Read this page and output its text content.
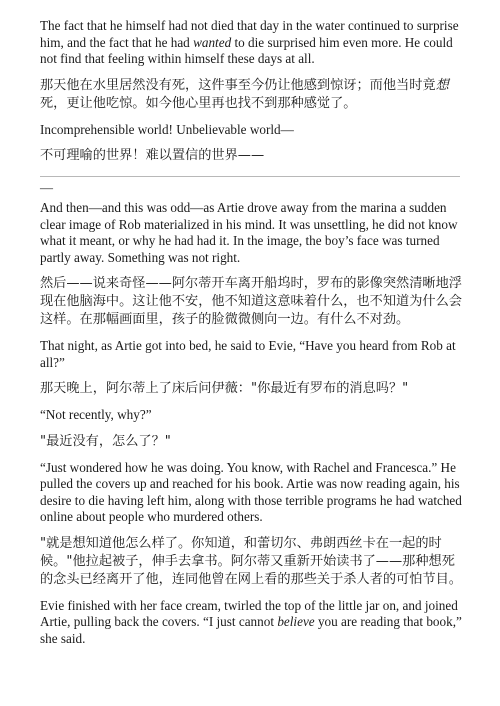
The fact that he himself had not died that day in the water continued to surprise him, and the fact that he had wanted to die surprised him even more. He could not find that feeling within himself these days at all.

那天他在水里居然没有死，这件事至今仍让他感到惊讶；而他当时竟想死，更让他吃惊。如今他心里再也找不到那种感觉了。

Incomprehensible world! Unbelievable world—

不可理喻的世界！难以置信的世界——

—

And then—and this was odd—as Artie drove away from the marina a sudden clear image of Rob materialized in his mind. It was unsettling, he did not know what it meant, or why he had had it. In the image, the boy’s face was turned partly away. Something was not right.

然后——说来奇怪——阿尔蒂开车离开船坞时，罗布的影像突然清晰地浮现在他脑海中。这让他不安，他不知道这意味着什么，也不知道为什么会这样。在那幅画面里，孩子的脸微微侧向一边。有什么不对劲。

That night, as Artie got into bed, he said to Evie, “Have you heard from Rob at all?”

那天晚上，阿尔蒂上了床后问伊薇："你最近有罗布的消息吗？"

“Not recently, why?”

"最近没有，怎么了？"

“Just wondered how he was doing. You know, with Rachel and Francesca.” He pulled the covers up and reached for his book. Artie was now reading again, his desire to die having left him, along with those terrible programs he had watched online about people who murdered others.

"就是想知道他怎么样了。你知道，和蕾切尔、弗朗西丝卡在一起的时候。"他拉起被子，伸手去拿书。阿尔蒂又重新开始读书了——那种想死的念头已经离开了他，连同他曾在网上看的那些关于杀人者的可怕节目。

Evie finished with her face cream, twirled the top of the little jar on, and joined Artie, pulling back the covers. “I just cannot believe you are reading that book,” she said.
